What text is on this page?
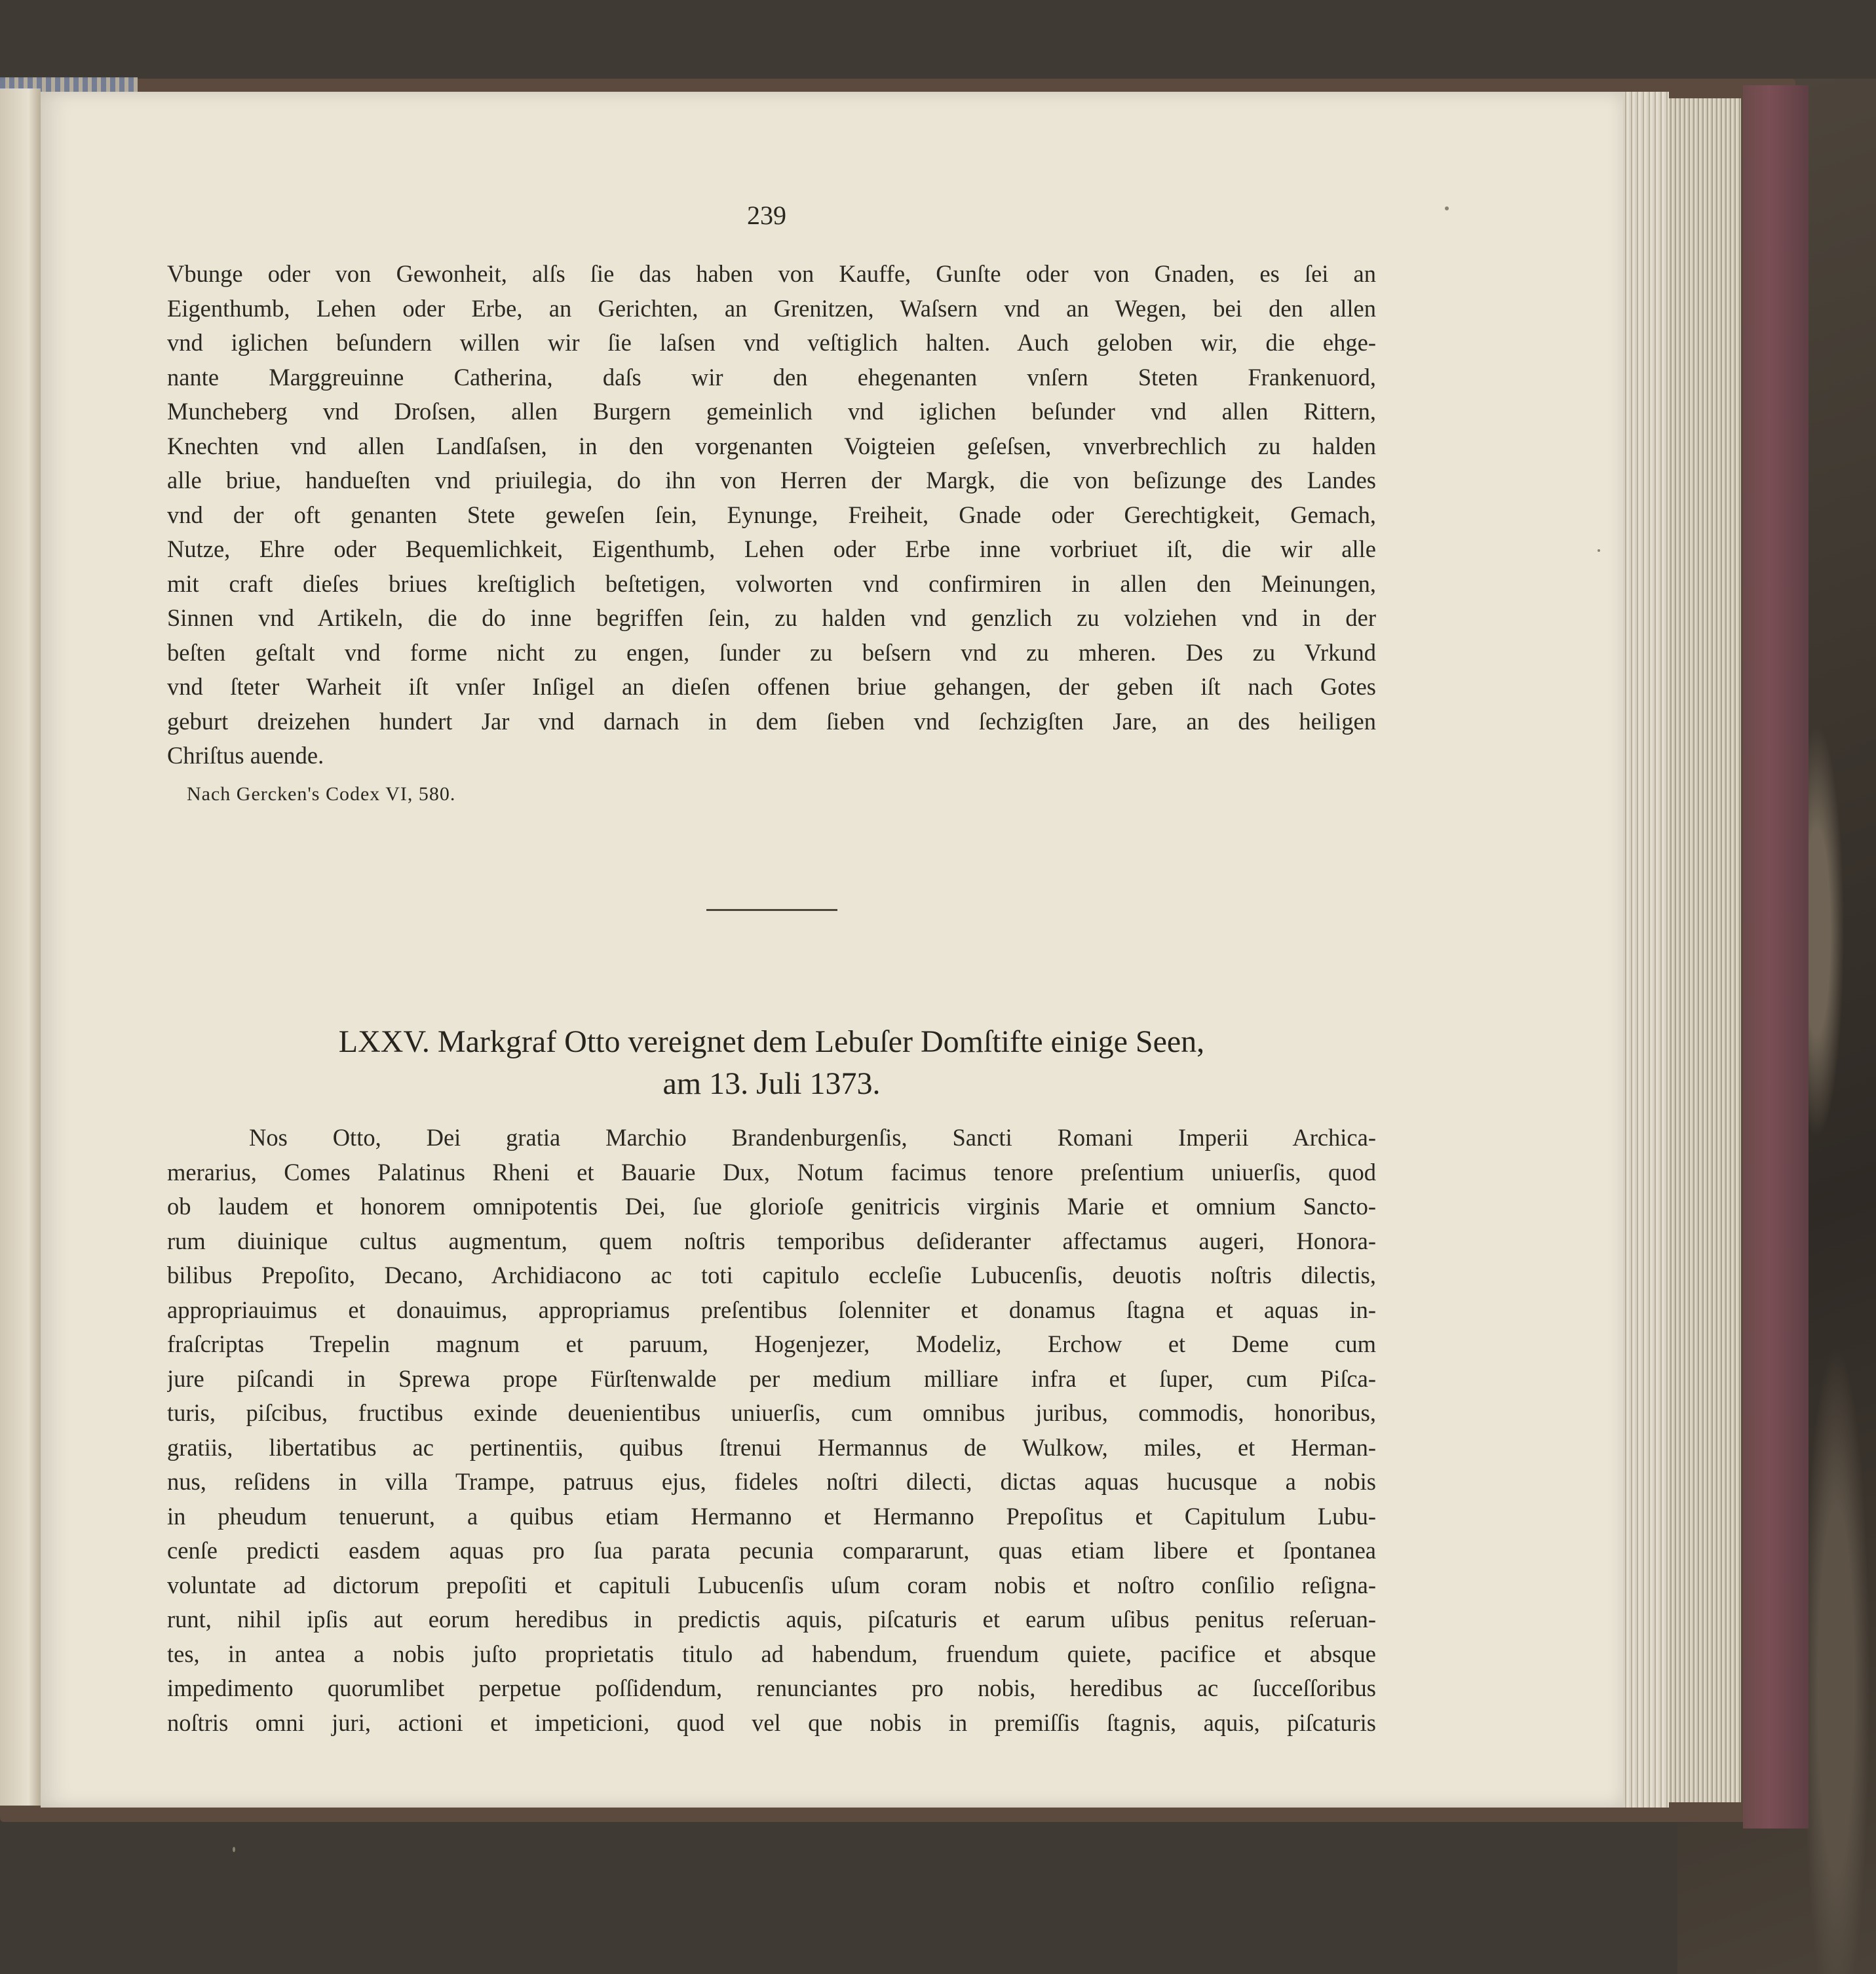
239
Vbunge oder von Gewonheit, alſs ſie das haben von Kauffe, Gunſte oder von Gnaden, es ſei an
Eigenthumb, Lehen oder Erbe, an Gerichten, an Grenitzen, Waſsern vnd an Wegen, bei den allen
vnd iglichen beſundern willen wir ſie laſsen vnd veſtiglich halten. Auch geloben wir, die ehge-
nante Marggreuinne Catherina, daſs wir den ehegenanten vnſern Steten Frankenuord,
Muncheberg vnd Droſsen, allen Burgern gemeinlich vnd iglichen beſunder vnd allen Rittern,
Knechten vnd allen Landſaſsen, in den vorgenanten Voigteien geſeſsen, vnverbrechlich zu halden
alle briue, handueſten vnd priuilegia, do ihn von Herren der Margk, die von beſizunge des Landes
vnd der oft genanten Stete geweſen ſein, Eynunge, Freiheit, Gnade oder Gerechtigkeit, Gemach,
Nutze, Ehre oder Bequemlichkeit, Eigenthumb, Lehen oder Erbe inne vorbriuet iſt, die wir alle
mit craft dieſes briues kreſtiglich beſtetigen, volworten vnd confirmiren in allen den Meinungen,
Sinnen vnd Artikeln, die do inne begriffen ſein, zu halden vnd genzlich zu volziehen vnd in der
beſten geſtalt vnd forme nicht zu engen, ſunder zu beſsern vnd zu mheren. Des zu Vrkund
vnd ſteter Warheit iſt vnſer Inſigel an dieſen offenen briue gehangen, der geben iſt nach Gotes
geburt dreizehen hundert Jar vnd darnach in dem ſieben vnd ſechzigſten Jare, an des heiligen
Chriſtus auende.
Nach Gercken's Codex VI, 580.
LXXV. Markgraf Otto vereignet dem Lebuſer Domſtifte einige Seen,
am 13. Juli 1373.
Nos Otto, Dei gratia Marchio Brandenburgenſis, Sancti Romani Imperii Archica-
merarius, Comes Palatinus Rheni et Bauarie Dux, Notum facimus tenore preſentium uniuerſis, quod
ob laudem et honorem omnipotentis Dei, ſue glorioſe genitricis virginis Marie et omnium Sancto-
rum diuinique cultus augmentum, quem noſtris temporibus deſideranter affectamus augeri, Honora-
bilibus Prepoſito, Decano, Archidiacono ac toti capitulo eccleſie Lubucenſis, deuotis noſtris dilectis,
appropriauimus et donauimus, appropriamus preſentibus ſolenniter et donamus ſtagna et aquas in-
fraſcriptas Trepelin magnum et paruum, Hogenjezer, Modeliz, Erchow et Deme cum
jure piſcandi in Sprewa prope Fürſtenwalde per medium milliare infra et ſuper, cum Piſca-
turis, piſcibus, fructibus exinde deuenientibus uniuerſis, cum omnibus juribus, commodis, honoribus,
gratiis, libertatibus ac pertinentiis, quibus ſtrenui Hermannus de Wulkow, miles, et Herman-
nus, reſidens in villa Trampe, patruus ejus, fideles noſtri dilecti, dictas aquas hucusque a nobis
in pheudum tenuerunt, a quibus etiam Hermanno et Hermanno Prepoſitus et Capitulum Lubu-
cenſe predicti easdem aquas pro ſua parata pecunia compararunt, quas etiam libere et ſpontanea
voluntate ad dictorum prepoſiti et capituli Lubucenſis uſum coram nobis et noſtro conſilio reſigna-
runt, nihil ipſis aut eorum heredibus in predictis aquis, piſcaturis et earum uſibus penitus reſeruan-
tes, in antea a nobis juſto proprietatis titulo ad habendum, fruendum quiete, pacifice et absque
impedimento quorumlibet perpetue poſſidendum, renunciantes pro nobis, heredibus ac ſucceſſoribus
noſtris omni juri, actioni et impeticioni, quod vel que nobis in premiſſis ſtagnis, aquis, piſcaturis
